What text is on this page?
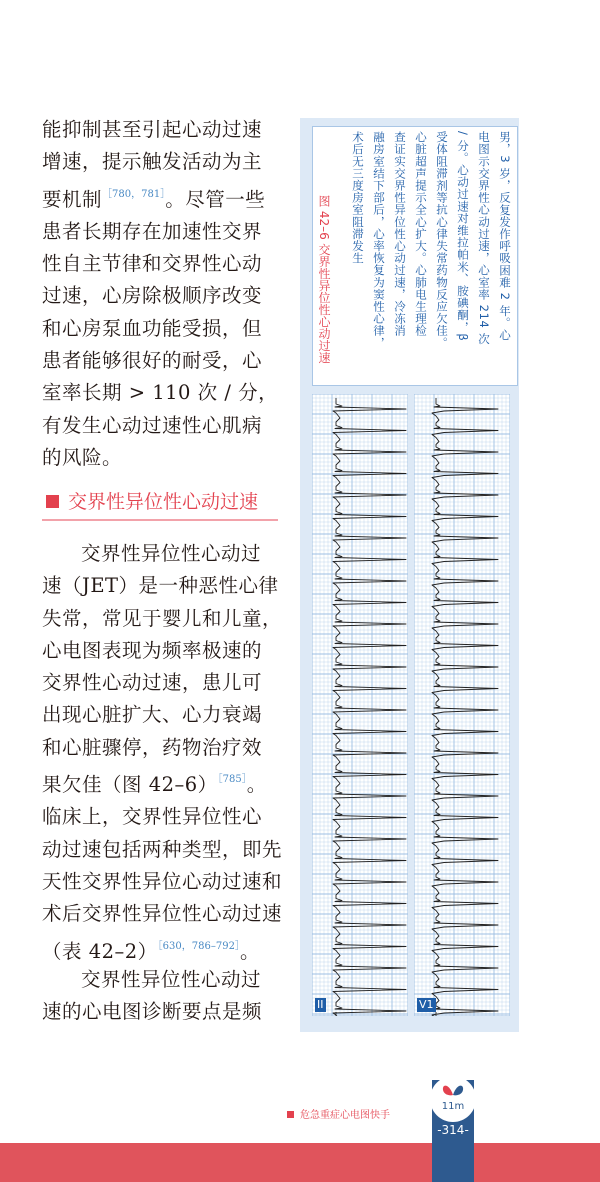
能抑制甚至引起心动过速
增速，提示触发活动为主
要机制$^{[780,781]}$。尽管一些
患者长期存在加速性交界
性自主节律和交界性心动
过速，心房除极顺序改变
和心房泵血功能受损，但
患者能够很好的耐受，心
室率长期 > 110 次 / 分，
有发生心动过速性心肌病
的风险。
交界性异位性心动过速
交界性异位性心动过
速（JET）是一种恶性心律
失常，常见于婴儿和儿童，
心电图表现为频率极速的
交界性心动过速，患儿可
出现心脏扩大、心力衰竭
和心脏骤停，药物治疗效
果欠佳（图 42–6）$^{[785]}$。
临床上，交界性异位性心
动过速包括两种类型，即先
天性交界性异位心动过速和
术后交界性异位性心动过速
（表 42–2）$^{[630,786-792]}$。
交界性异位性心动过
速的心电图诊断要点是频
图 42–6 交界性异位性心动过速	男，3 岁，反复发作呼吸困难 2 年。心
电图示交界性心动过速，心室率 214 次
/ 分。心动过速对维拉帕米、胺碘酮，β
受体阻滞剂等抗心律失常药物反应欠佳。
心脏超声提示全心扩大。心肺电生理检
查证实交界性异位性心动过速，冷冻消
融房室结下部后，心率恢复为窦性心律，
术后无三度房室阻滞发生
II	V1
危急重症心电图快手
11m
-314-
